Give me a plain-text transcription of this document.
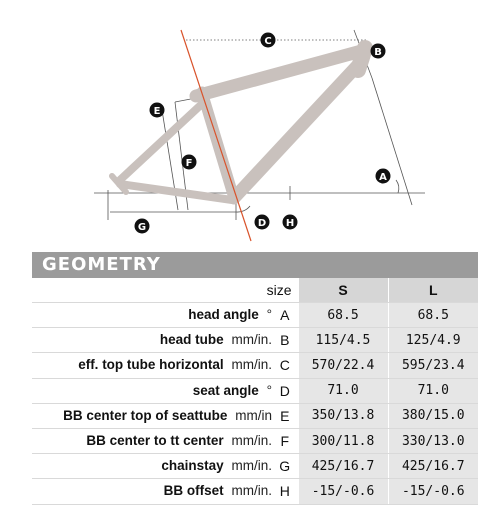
A
B
C
D
E
F
G	H
GEOMETRY
size		S	L
head angle °	A	68.5	68.5
head tube mm/in.	B	115/4.5	125/4.9
eff. top tube horizontal mm/in.	C	570/22.4	595/23.4
seat angle °	D	71.0	71.0
BB center top of seattube mm/in	E	350/13.8	380/15.0
BB center to tt center mm/in.	F	300/11.8	330/13.0
chainstay mm/in.	G	425/16.7	425/16.7
BB offset mm/in.	H	-15/-0.6	-15/-0.6
